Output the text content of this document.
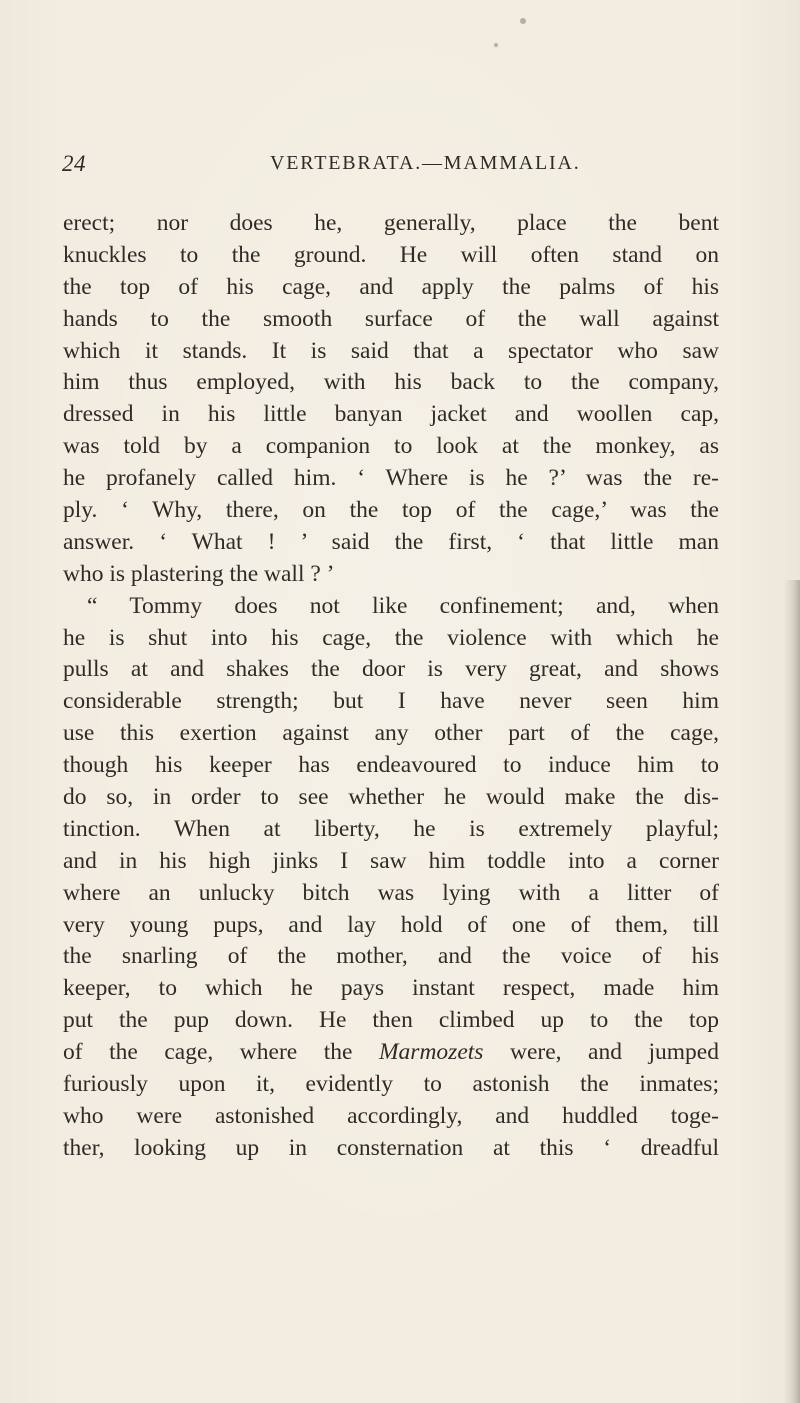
24	VERTEBRATA.—MAMMALIA.
erect; nor does he, generally, place the bent
knuckles to the ground. He will often stand on
the top of his cage, and apply the palms of his
hands to the smooth surface of the wall against
which it stands. It is said that a spectator who saw
him thus employed, with his back to the company,
dressed in his little banyan jacket and woollen cap,
was told by a companion to look at the monkey, as
he profanely called him. ‘ Where is he ?’ was the re-
ply. ‘ Why, there, on the top of the cage,’ was the
answer. ‘ What ! ’ said the first, ‘ that little man
who is plastering the wall ? ’
“ Tommy does not like confinement; and, when
he is shut into his cage, the violence with which he
pulls at and shakes the door is very great, and shows
considerable strength; but I have never seen him
use this exertion against any other part of the cage,
though his keeper has endeavoured to induce him to
do so, in order to see whether he would make the dis-
tinction. When at liberty, he is extremely playful;
and in his high jinks I saw him toddle into a corner
where an unlucky bitch was lying with a litter of
very young pups, and lay hold of one of them, till
the snarling of the mother, and the voice of his
keeper, to which he pays instant respect, made him
put the pup down. He then climbed up to the top
of the cage, where the Marmozets were, and jumped
furiously upon it, evidently to astonish the inmates;
who were astonished accordingly, and huddled toge-
ther, looking up in consternation at this ‘ dreadful
